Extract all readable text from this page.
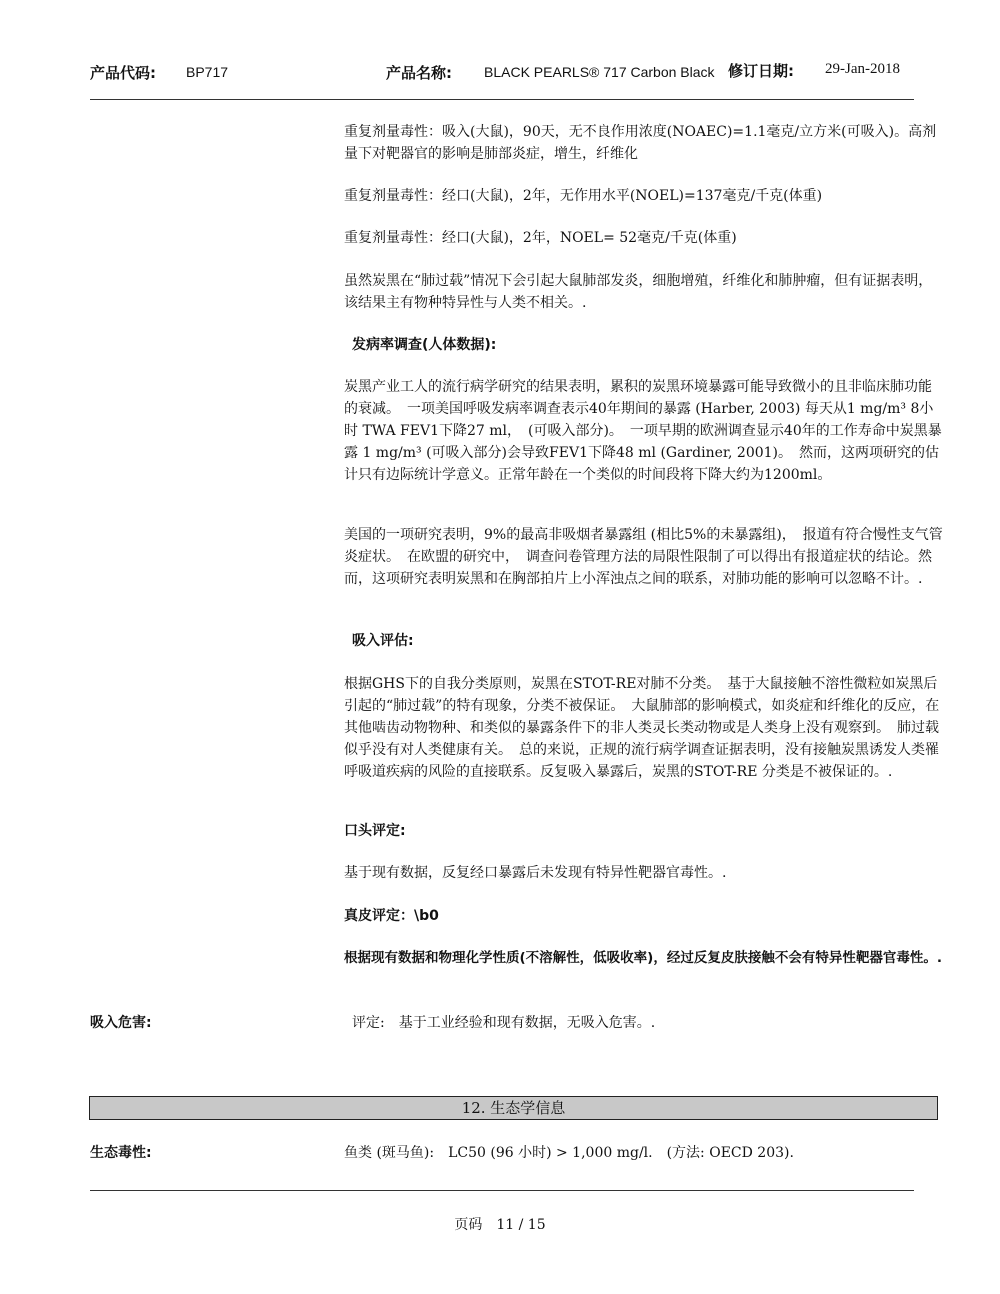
产品代码: BP717	产品名称: BLACK PEARLS® 717 Carbon Black 修订日期: 29-Jan-2018

重复剂量毒性：吸入(大鼠)，90天，无不良作用浓度(NOAEC)=1.1毫克/立方米(可吸入)。高剂量下对靶器官的影响是肺部炎症，增生，纤维化

重复剂量毒性：经口(大鼠)，2年，无作用水平(NOEL)=137毫克/千克(体重)

重复剂量毒性：经口(大鼠)，2年，NOEL= 52毫克/千克(体重)

虽然炭黑在“肺过载”情况下会引起大鼠肺部发炎，细胞增殖，纤维化和肺肿瘤，但有证据表明，该结果主有物种特异性与人类不相关。.

发病率调查(人体数据):

炭黑产业工人的流行病学研究的结果表明，累积的炭黑环境暴露可能导致微小的且非临床肺功能的衰减。　一项美国呼吸发病率调查表示40年期间的暴露 (Harber, 2003) 每天从1 mg/m³ 8小时 TWA FEV1下降27 ml，　(可吸入部分)。　一项早期的欧洲调查显示40年的工作寿命中炭黑暴露 1 mg/m³ (可吸入部分)会导致FEV1下降48 ml (Gardiner, 2001)。　然而，这两项研究的估计只有边际统计学意义。正常年龄在一个类似的时间段将下降大约为1200ml。

美国的一项研究表明，9%的最高非吸烟者暴露组 (相比5%的未暴露组)，　报道有符合慢性支气管炎症状。　在欧盟的研究中，　调查问卷管理方法的局限性限制了可以得出有报道症状的结论。然而，这项研究表明炭黑和在胸部拍片上小浑浊点之间的联系，对肺功能的影响可以忽略不计。.

吸入评估:

根据GHS下的自我分类原则，炭黑在STOT-RE对肺不分类。　基于大鼠接触不溶性微粒如炭黑后引起的“肺过载”的特有现象，分类不被保证。　大鼠肺部的影响模式，如炎症和纤维化的反应，在其他啮齿动物物种、和类似的暴露条件下的非人类灵长类动物或是人类身上没有观察到。　肺过载似乎没有对人类健康有关。　总的来说，正规的流行病学调查证据表明，没有接触炭黑诱发人类罹呼吸道疾病的风险的直接联系。反复吸入暴露后，炭黑的STOT-RE 分类是不被保证的。.

口头评定:

基于现有数据，反复经口暴露后未发现有特异性靶器官毒性。.

真皮评定：\b0

根据现有数据和物理化学性质(不溶解性，低吸收率)，经过反复皮肤接触不会有特异性靶器官毒性。.

吸入危害:	评定:　基于工业经验和现有数据，无吸入危害。.

12. 生态学信息

生态毒性:	鱼类 (斑马鱼):　LC50 (96 小时) > 1,000 mg/l.　(方法: OECD 203).

页码　11 / 15
